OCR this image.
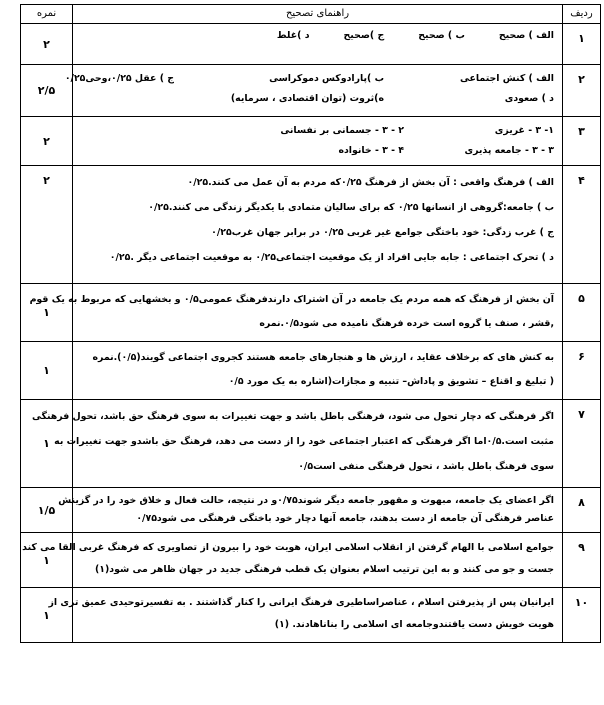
ردیف	راهنمای تصحیح	نمره
۱	الف ) صحیح
ب ) صحیح
ج )صحیح
د )غلط	۲
۲	الف ) کنش اجتماعی
ب )پارادوکس دموکراسی
ج ) عقل ۰/۲۵،وحی۰/۲۵
د ) صعودی
ه)ثروت (توان اقتصادی ، سرمایه)	۲/۵
۳	۱- ۳ - غریزی
۲ - ۳ - جسمانی بر نفسانی
۳ - ۳ - جامعه پذیری
۴ - ۳ - خانواده	۲
۴	الف ) فرهنگ واقعی : آن بخش از فرهنگ ۰/۲۵که مردم به آن عمل می کنند.۰/۲۵

ب ) جامعه:گروهی از انسانها ۰/۲۵ که برای سالیان متمادی با یکدیگر زندگی می کنند.۰/۲۵

ج ) غرب زدگی: خود باختگی جوامع غیر غربی ۰/۲۵ در برابر جهان غرب۰/۲۵

د ) تحرک اجتماعی : جابه جایی افراد از یک موقعیت اجتماعی۰/۲۵ به موقعیت اجتماعی دیگر .۰/۲۵	۲
۵	آن بخش از فرهنگ که همه مردم یک جامعه در آن اشتراک دارندفرهنگ عمومی۰/۵ و بخشهایی که مربوط به یک قوم

,قشر ، صنف یا گروه است خرده فرهنگ نامیده می شود۰/۵.نمره	۱
۶	به کنش های که برخلاف عقاید ، ارزش ها و هنجارهای جامعه هستند کجروی اجتماعی گویند(۰/۵).نمره

( تبلیغ و اقناع – تشویق و پاداش– تنبیه و مجازات(اشاره به یک مورد ۰/۵	۱
۷	اگر فرهنگی که دچار تحول می شود، فرهنگی باطل باشد و جهت تغییرات به سوی فرهنگ حق باشد، تحول فرهنگی

مثبت است.۰/۵اما اگر فرهنگی که اعتبار اجتماعی خود را از دست می دهد، فرهنگ حق باشدو جهت تغییرات به

سوی فرهنگ باطل باشد ، تحول فرهنگی منفی است۰/۵	۱
۸	اگر اعضای یک جامعه، مبهوت و مقهور جامعه دیگر شوند۰/۷۵و در نتیجه، حالت فعال و خلاق خود را در گزینش

عناصر فرهنگی آن جامعه از دست بدهند، جامعه آنها دچار خود باختگی فرهنگی می شود۰/۷۵	۱/۵
۹	جوامع اسلامی با الهام گرفتن از انقلاب اسلامی ایران، هویت خود را بیرون از تصاویری که فرهنگ غربی القا می کند

جست و جو می کنند و به این ترتیب اسلام بعنوان یک قطب فرهنگی جدید در جهان ظاهر می شود(۱)	۱
۱۰	ایرانیان پس از پذیرفتن اسلام ، عناصراساطیری فرهنگ ایرانی را کنار گذاشتند . به تفسیرتوحیدی عمیق تری از

هویت خویش دست یافتندوجامعه ای اسلامی را بناناهادند. (۱)	۱
